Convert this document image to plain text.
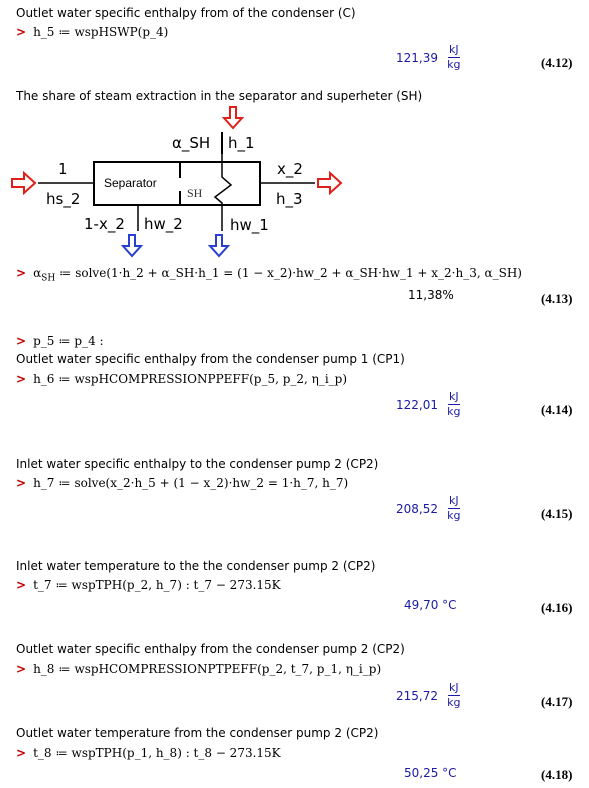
Outlet water specific enthalpy from of the condenser (C)
> h_5 ≔ wspHSWP(p_4)
$121,39 \frac{kJ}{kg}$	(4.12)
The share of steam extraction in the separator and superheter (SH)
α_SH h_1
1
hs_2
x_2
h_3
Separator
SH
1-x_2 hw_2	hw_1
> $\alpha_{SH}$ ≔ solve(1·h_2 + α_SH·h_1 = (1 − x_2)·hw_2 + α_SH·hw_1 + x_2·h_3, α_SH)
11,38%	(4.13)
> p_5 ≔ p_4 :
Outlet water specific enthalpy from the condenser pump 1 (CP1)
> h_6 ≔ wspHCOMPRESSIONPPEFF(p_5, p_2, η_i_p)
$122,01 \frac{kJ}{kg}$	(4.14)
Inlet water specific enthalpy to the condenser pump 2 (CP2)
> h_7 ≔ solve(x_2·h_5 + (1 − x_2)·hw_2 = 1·h_7, h_7)
$208,52 \frac{kJ}{kg}$	(4.15)
Inlet water temperature to the the condenser pump 2 (CP2)
> t_7 ≔ wspTPH(p_2, h_7) : t_7 − 273.15K
49,70 °C	(4.16)
Outlet water specific enthalpy from the condenser pump 2 (CP2)
> h_8 ≔ wspHCOMPRESSIONPTPEFF(p_2, t_7, p_1, η_i_p)
$215,72 \frac{kJ}{kg}$	(4.17)
Outlet water temperature from the condenser pump 2 (CP2)
> t_8 ≔ wspTPH(p_1, h_8) : t_8 − 273.15K
50,25 °C	(4.18)
